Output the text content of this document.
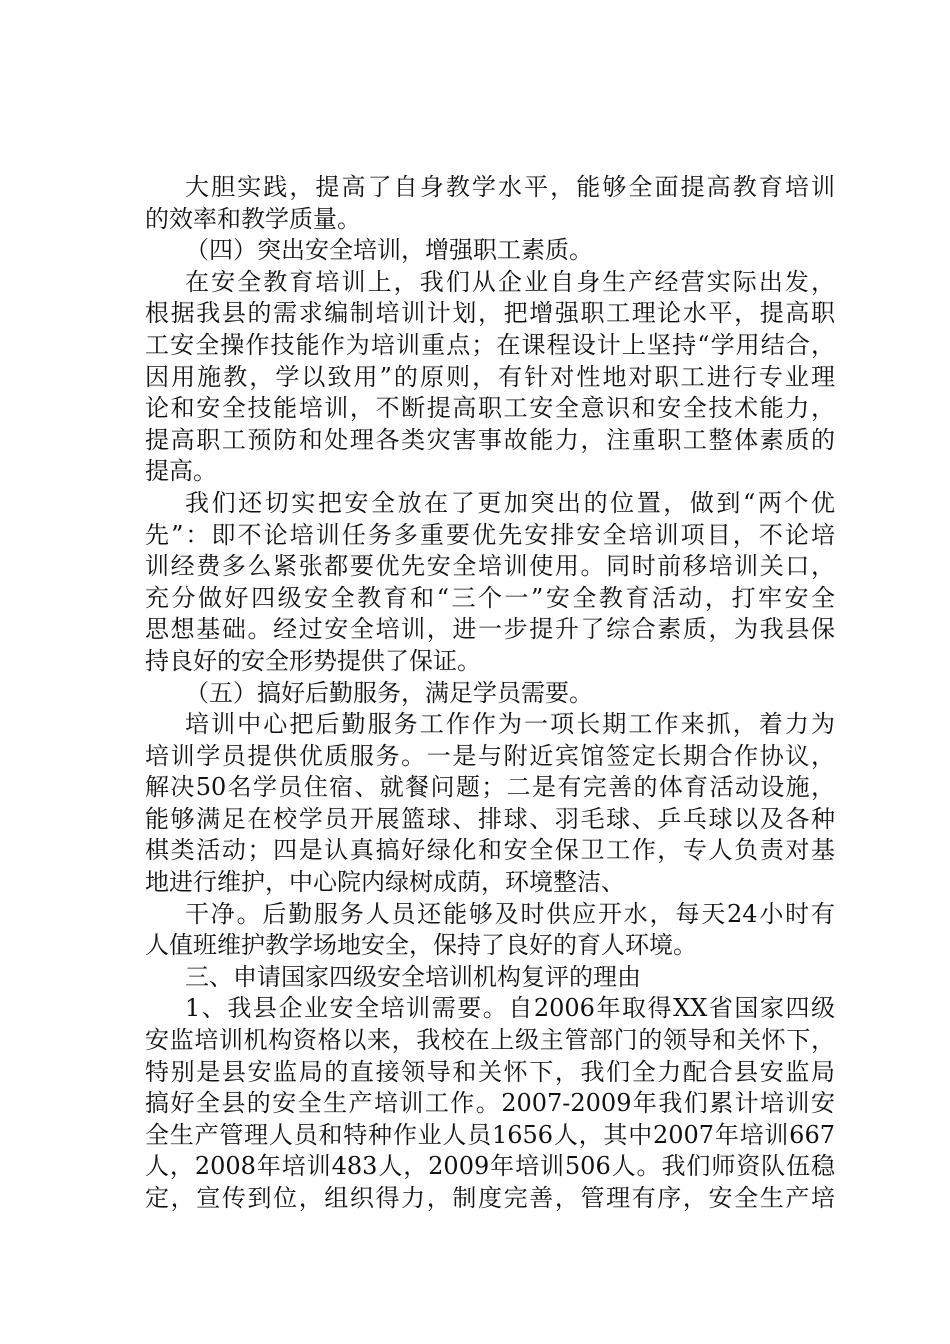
大胆实践，提高了自身教学水平，能够全面提高教育培训
的效率和教学质量。
（四）突出安全培训，增强职工素质。
在安全教育培训上，我们从企业自身生产经营实际出发，
根据我县的需求编制培训计划，把增强职工理论水平，提高职
工安全操作技能作为培训重点；在课程设计上坚持“学用结合，
因用施教，学以致用”的原则，有针对性地对职工进行专业理
论和安全技能培训，不断提高职工安全意识和安全技术能力，
提高职工预防和处理各类灾害事故能力，注重职工整体素质的
提高。
我们还切实把安全放在了更加突出的位置，做到“两个优
先”：即不论培训任务多重要优先安排安全培训项目，不论培
训经费多么紧张都要优先安全培训使用。同时前移培训关口，
充分做好四级安全教育和“三个一”安全教育活动，打牢安全
思想基础。经过安全培训，进一步提升了综合素质，为我县保
持良好的安全形势提供了保证。
（五）搞好后勤服务，满足学员需要。
培训中心把后勤服务工作作为一项长期工作来抓，着力为
培训学员提供优质服务。一是与附近宾馆签定长期合作协议，
解决50名学员住宿、就餐问题；二是有完善的体育活动设施，
能够满足在校学员开展篮球、排球、羽毛球、乒乓球以及各种
棋类活动；四是认真搞好绿化和安全保卫工作，专人负责对基
地进行维护，中心院内绿树成荫，环境整洁、
干净。后勤服务人员还能够及时供应开水，每天24小时有
人值班维护教学场地安全，保持了良好的育人环境。
三、申请国家四级安全培训机构复评的理由
1、我县企业安全培训需要。自2006年取得XX省国家四级
安监培训机构资格以来，我校在上级主管部门的领导和关怀下，
特别是县安监局的直接领导和关怀下，我们全力配合县安监局
搞好全县的安全生产培训工作。2007-2009年我们累计培训安
全生产管理人员和特种作业人员1656人，其中2007年培训667
人，2008年培训483人，2009年培训506人。我们师资队伍稳
定，宣传到位，组织得力，制度完善，管理有序，安全生产培
